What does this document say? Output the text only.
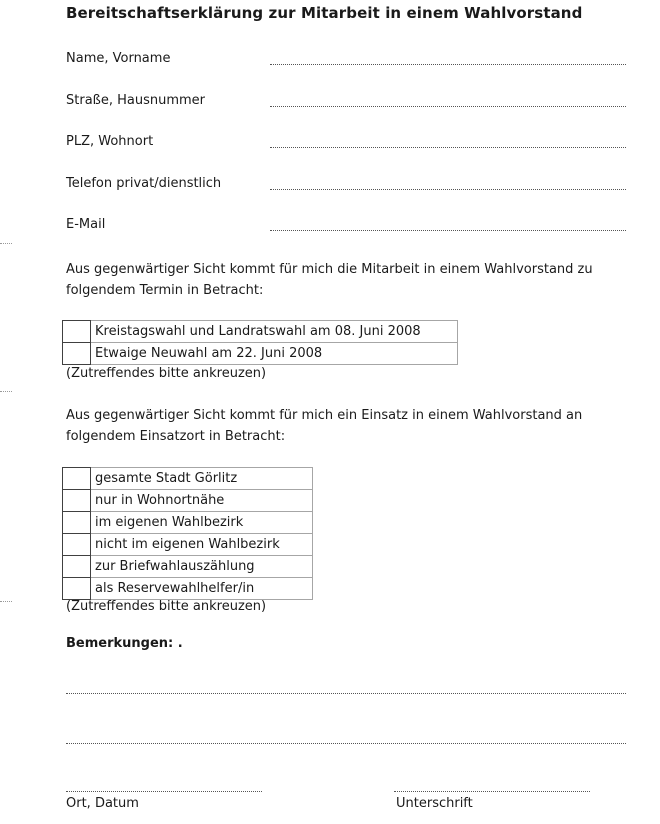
Bereitschaftserklärung zur Mitarbeit in einem Wahlvorstand
Name, Vorname
Straße, Hausnummer
PLZ, Wohnort
Telefon privat/dienstlich
E-Mail
Aus gegenwärtiger Sicht kommt für mich die Mitarbeit in einem Wahlvorstand zu folgendem Termin in Betracht:
	Kreistagswahl und Landratswahl am 08. Juni 2008
	Etwaige Neuwahl am 22. Juni 2008
(Zutreffendes bitte ankreuzen)
Aus gegenwärtiger Sicht kommt für mich ein Einsatz in einem Wahlvorstand an folgendem Einsatzort in Betracht:
	gesamte Stadt Görlitz
	nur in Wohnortnähe
	im eigenen Wahlbezirk
	nicht im eigenen Wahlbezirk
	zur Briefwahlauszählung
	als Reservewahlhelfer/in
(Zutreffendes bitte ankreuzen)
Bemerkungen: .
Ort, Datum	Unterschrift
